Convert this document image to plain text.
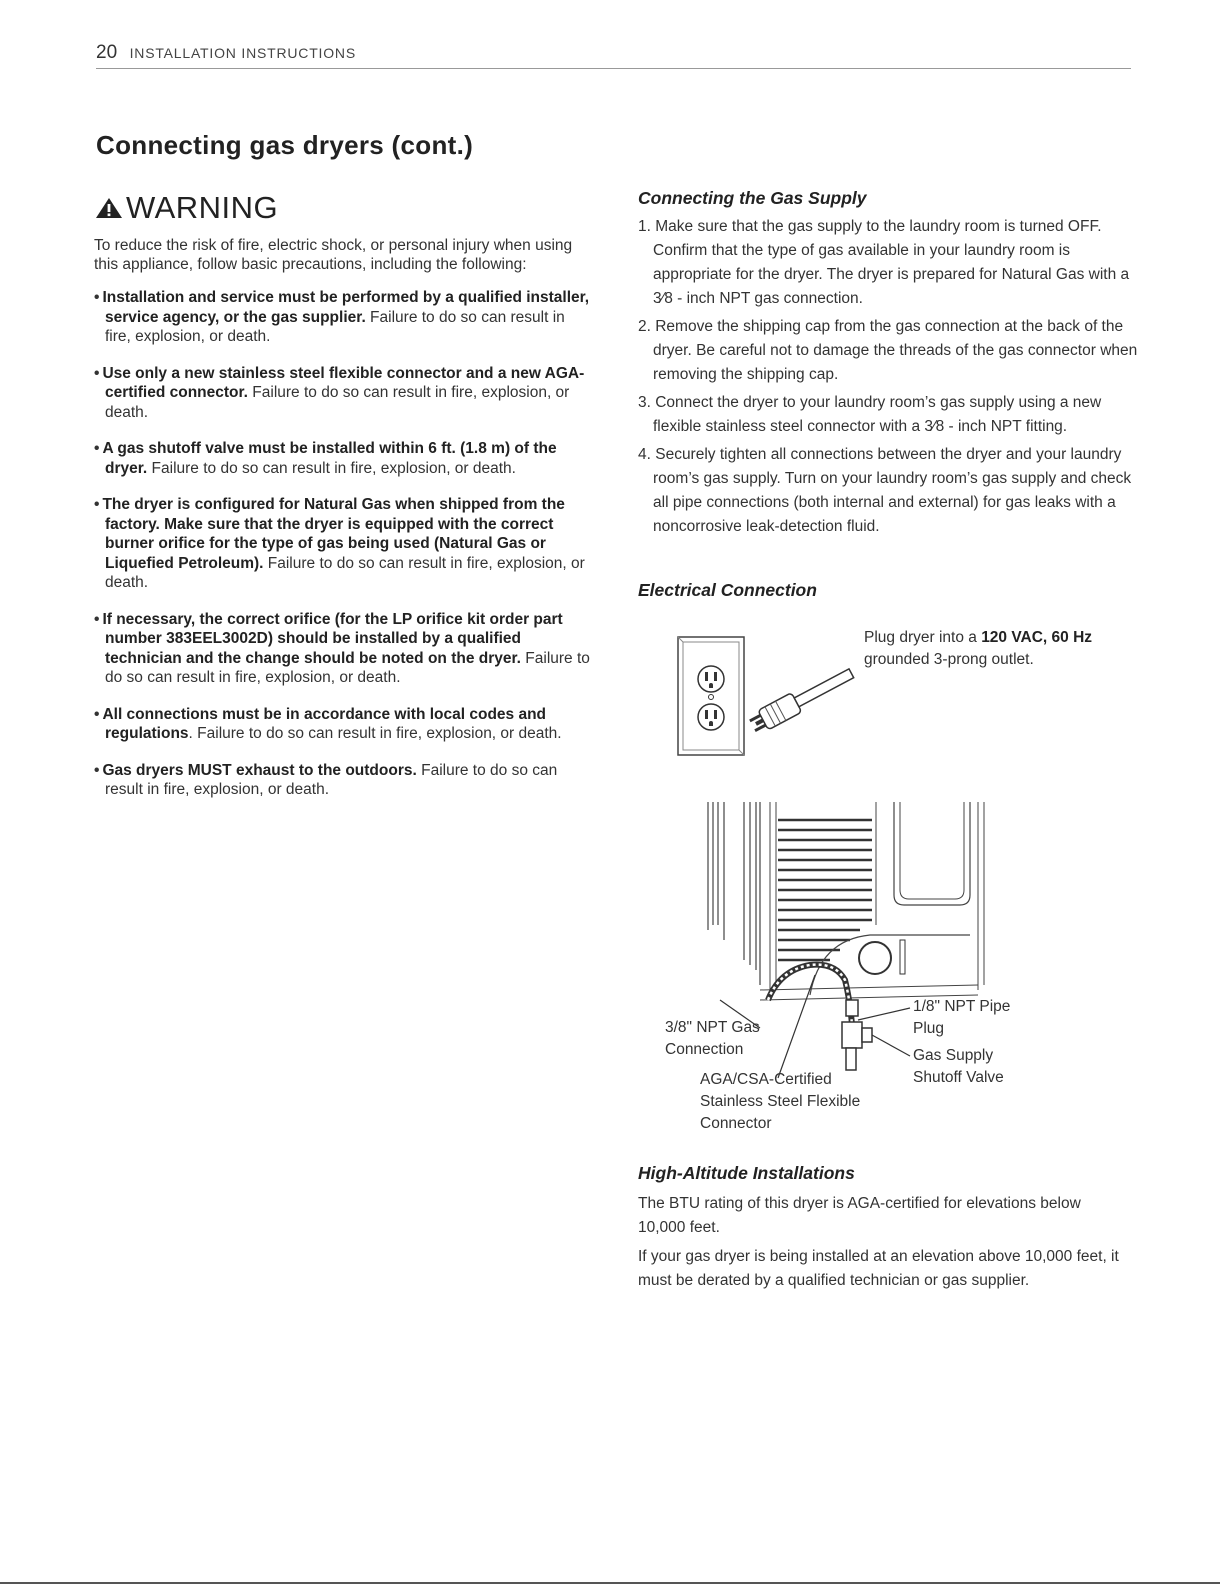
20 INSTALLATION INSTRUCTIONS
Connecting gas dryers (cont.)
WARNING

To reduce the risk of fire, electric shock, or personal injury when using this appliance, follow basic precautions, including the following:

• Installation and service must be performed by a qualified installer, service agency, or the gas supplier. Failure to do so can result in fire, explosion, or death.
• Use only a new stainless steel flexible connector and a new AGA-certified connector. Failure to do so can result in fire, explosion, or death.
• A gas shutoff valve must be installed within 6 ft. (1.8 m) of the dryer. Failure to do so can result in fire, explosion, or death.
• The dryer is configured for Natural Gas when shipped from the factory. Make sure that the dryer is equipped with the correct burner orifice for the type of gas being used (Natural Gas or Liquefied Petroleum). Failure to do so can result in fire, explosion, or death.
• If necessary, the correct orifice (for the LP orifice kit order part number 383EEL3002D) should be installed by a qualified technician and the change should be noted on the dryer. Failure to do so can result in fire, explosion, or death.
• All connections must be in accordance with local codes and regulations. Failure to do so can result in fire, explosion, or death.
• Gas dryers MUST exhaust to the outdoors. Failure to do so can result in fire, explosion, or death.
Connecting the Gas Supply
1. Make sure that the gas supply to the laundry room is turned OFF. Confirm that the type of gas available in your laundry room is appropriate for the dryer. The dryer is prepared for Natural Gas with a 3⁄8 - inch NPT gas connection.
2. Remove the shipping cap from the gas connection at the back of the dryer. Be careful not to damage the threads of the gas connector when removing the shipping cap.
3. Connect the dryer to your laundry room’s gas supply using a new flexible stainless steel connector with a 3⁄8 - inch NPT fitting.
4. Securely tighten all connections between the dryer and your laundry room’s gas supply. Turn on your laundry room’s gas supply and check all pipe connections (both internal and external) for gas leaks with a noncorrosive leak-detection fluid.
Electrical Connection
Plug dryer into a 120 VAC, 60 Hz grounded 3-prong outlet.
3/8" NPT Gas
Connection
1/8" NPT Pipe
Plug
Gas Supply
Shutoff Valve
AGA/CSA-Certified
Stainless Steel Flexible
Connector
High-Altitude Installations

The BTU rating of this dryer is AGA-certified for elevations below 10,000 feet.

If your gas dryer is being installed at an elevation above 10,000 feet, it must be derated by a qualified technician or gas supplier.
